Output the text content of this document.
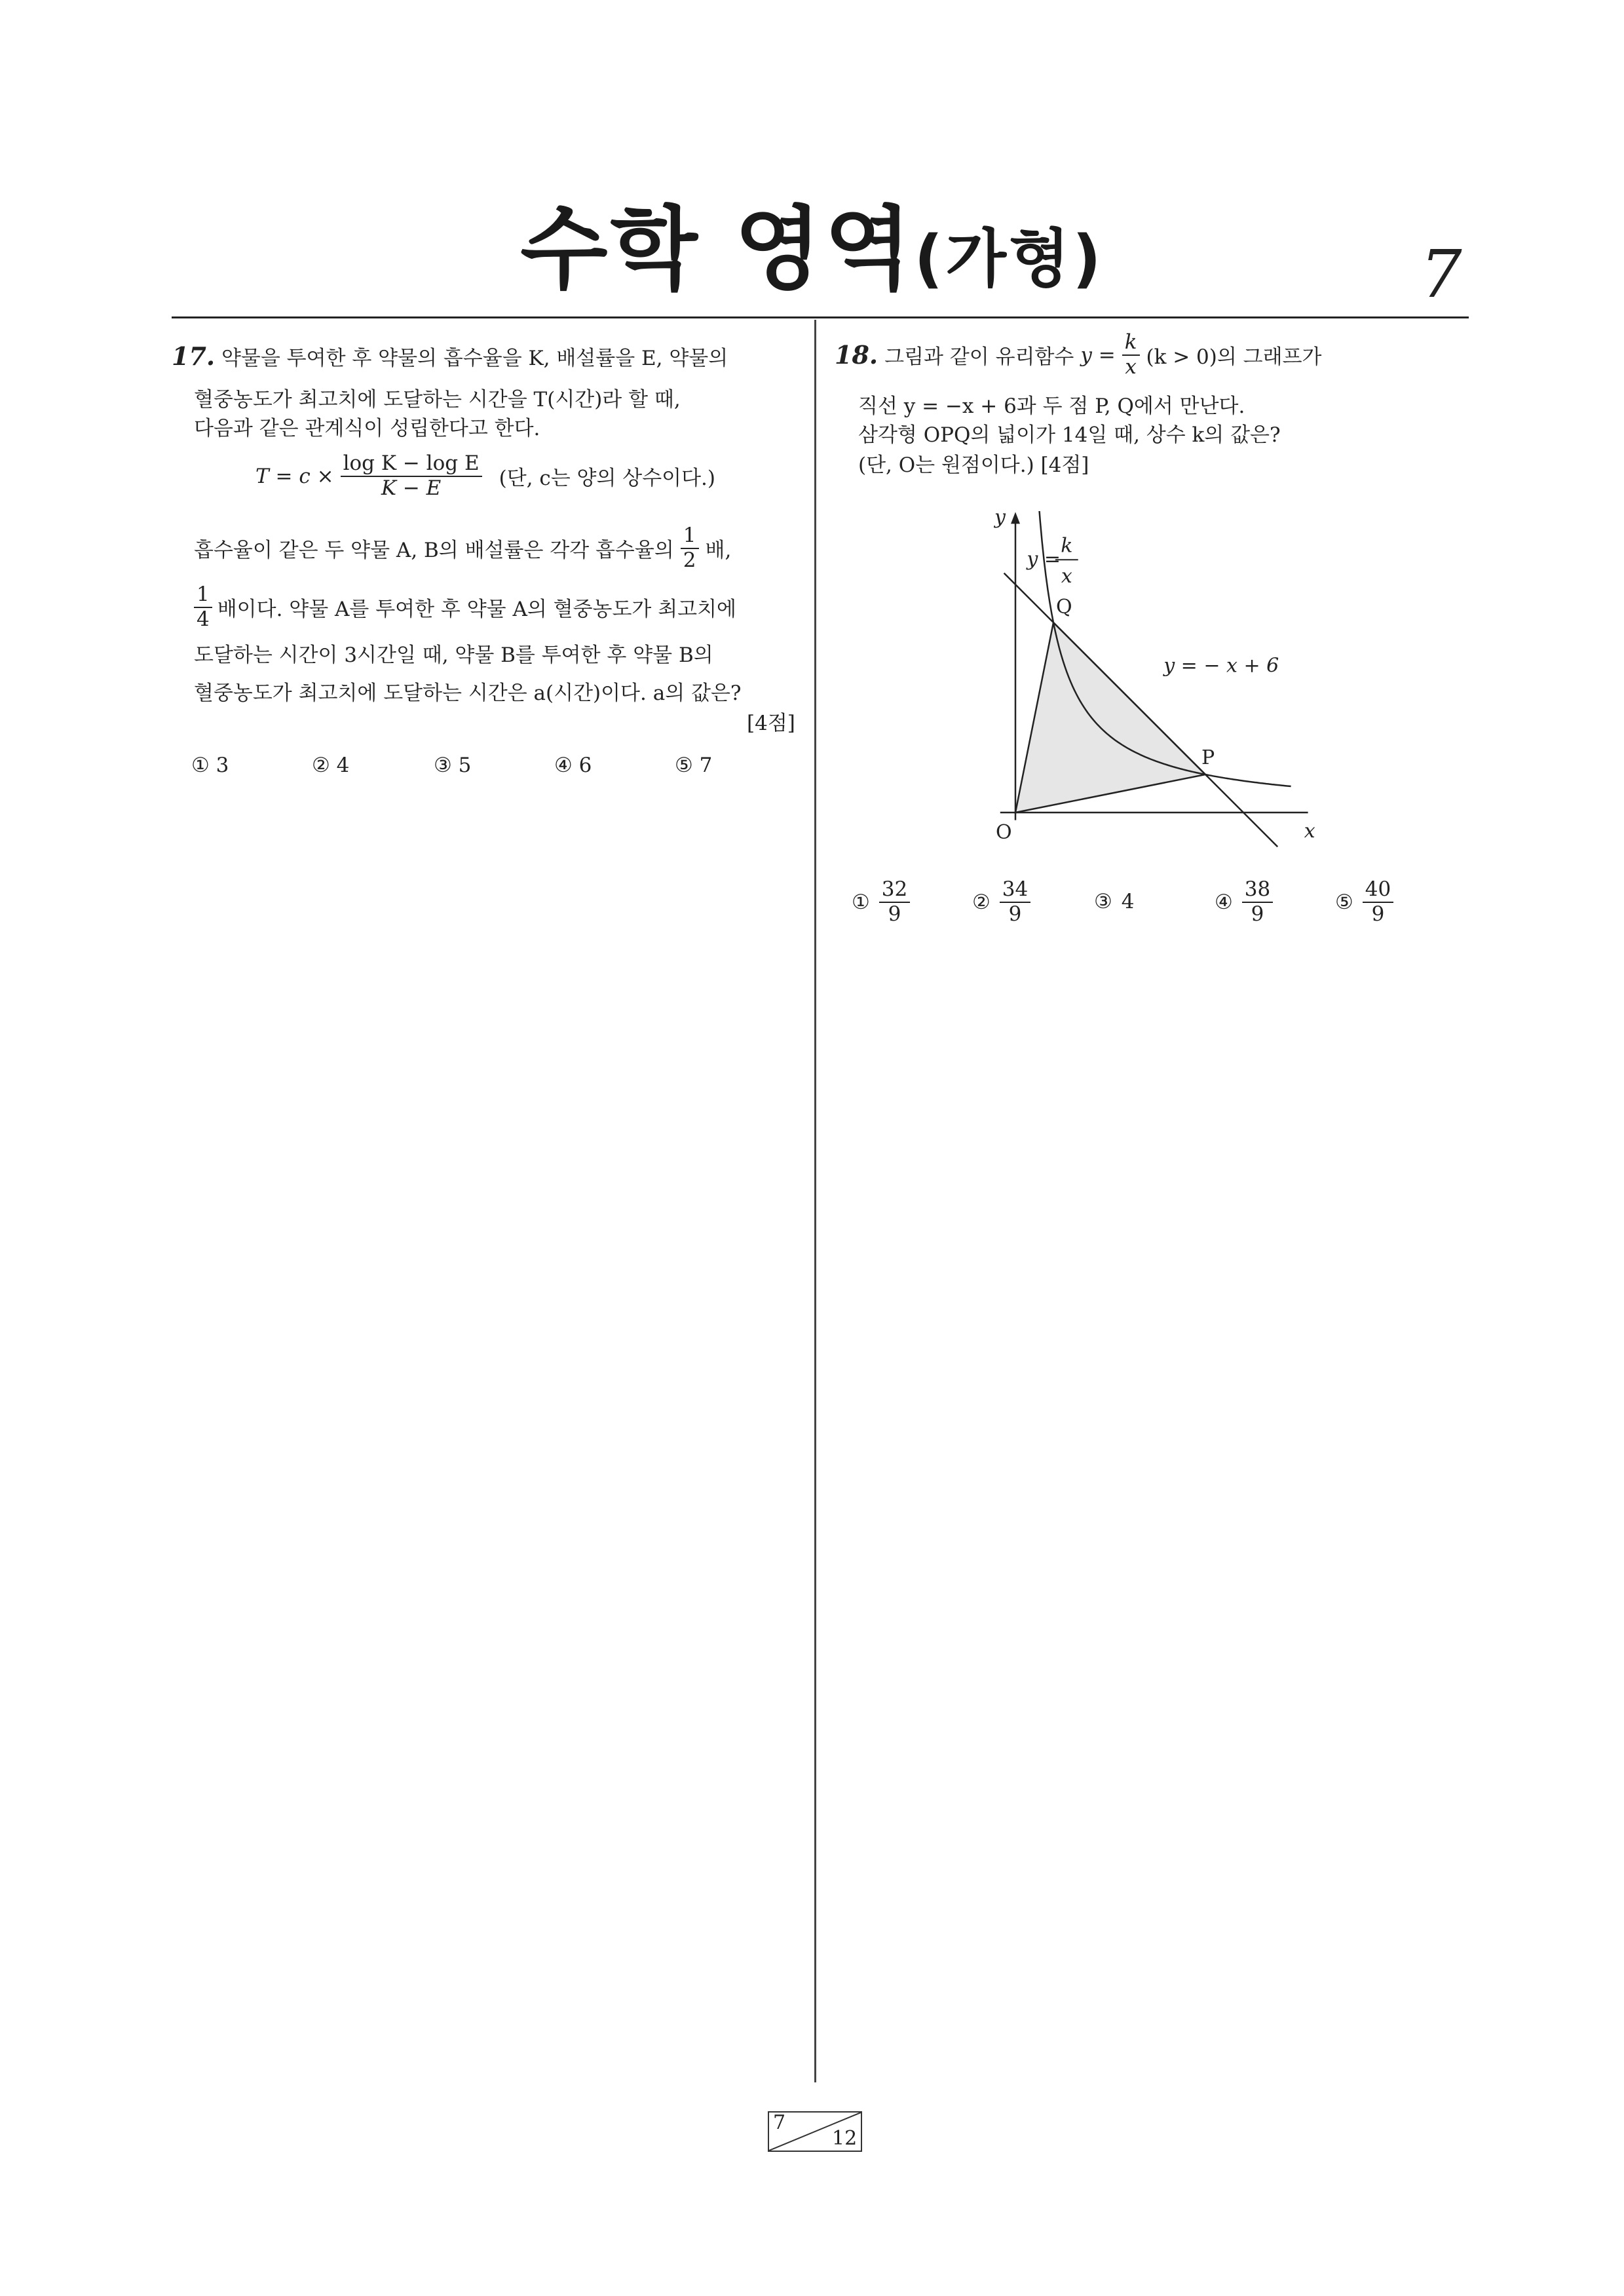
수학 영역(가형)	7
17. 약물을 투여한 후 약물의 흡수율을 K, 배설률을 E, 약물의
혈중농도가 최고치에 도달하는 시간을 T(시간)라 할 때,
다음과 같은 관계식이 성립한다고 한다.
$T = c \times \frac{\text{log K − log E}}{K - E}$ (단, c는 양의 상수이다.)
흡수율이 같은 두 약물 A, B의 배설률은 각각 흡수율의 $\frac{1}{2}$ 배,
$\frac{1}{4}$ 배이다. 약물 A를 투여한 후 약물 A의 혈중농도가 최고치에
도달하는 시간이 3시간일 때, 약물 B를 투여한 후 약물 B의
혈중농도가 최고치에 도달하는 시간은 a(시간)이다. a의 값은?
[4점]
① 3	② 4	③ 5	④ 6	⑤ 7
18. 그림과 같이 유리함수 $y = \frac{k}{x} (k > 0)$의 그래프가
직선 y = −x + 6과 두 점 P, Q에서 만난다.
삼각형 OPQ의 넓이가 14일 때, 상수 k의 값은?
(단, O는 원점이다.) [4점]
y
x
O
Q
P
y = − x + 6
y =
k
x
① $\frac{32}{9}$	② $\frac{34}{9}$	③ 4	④ $\frac{38}{9}$	⑤ $\frac{40}{9}$
7
12
